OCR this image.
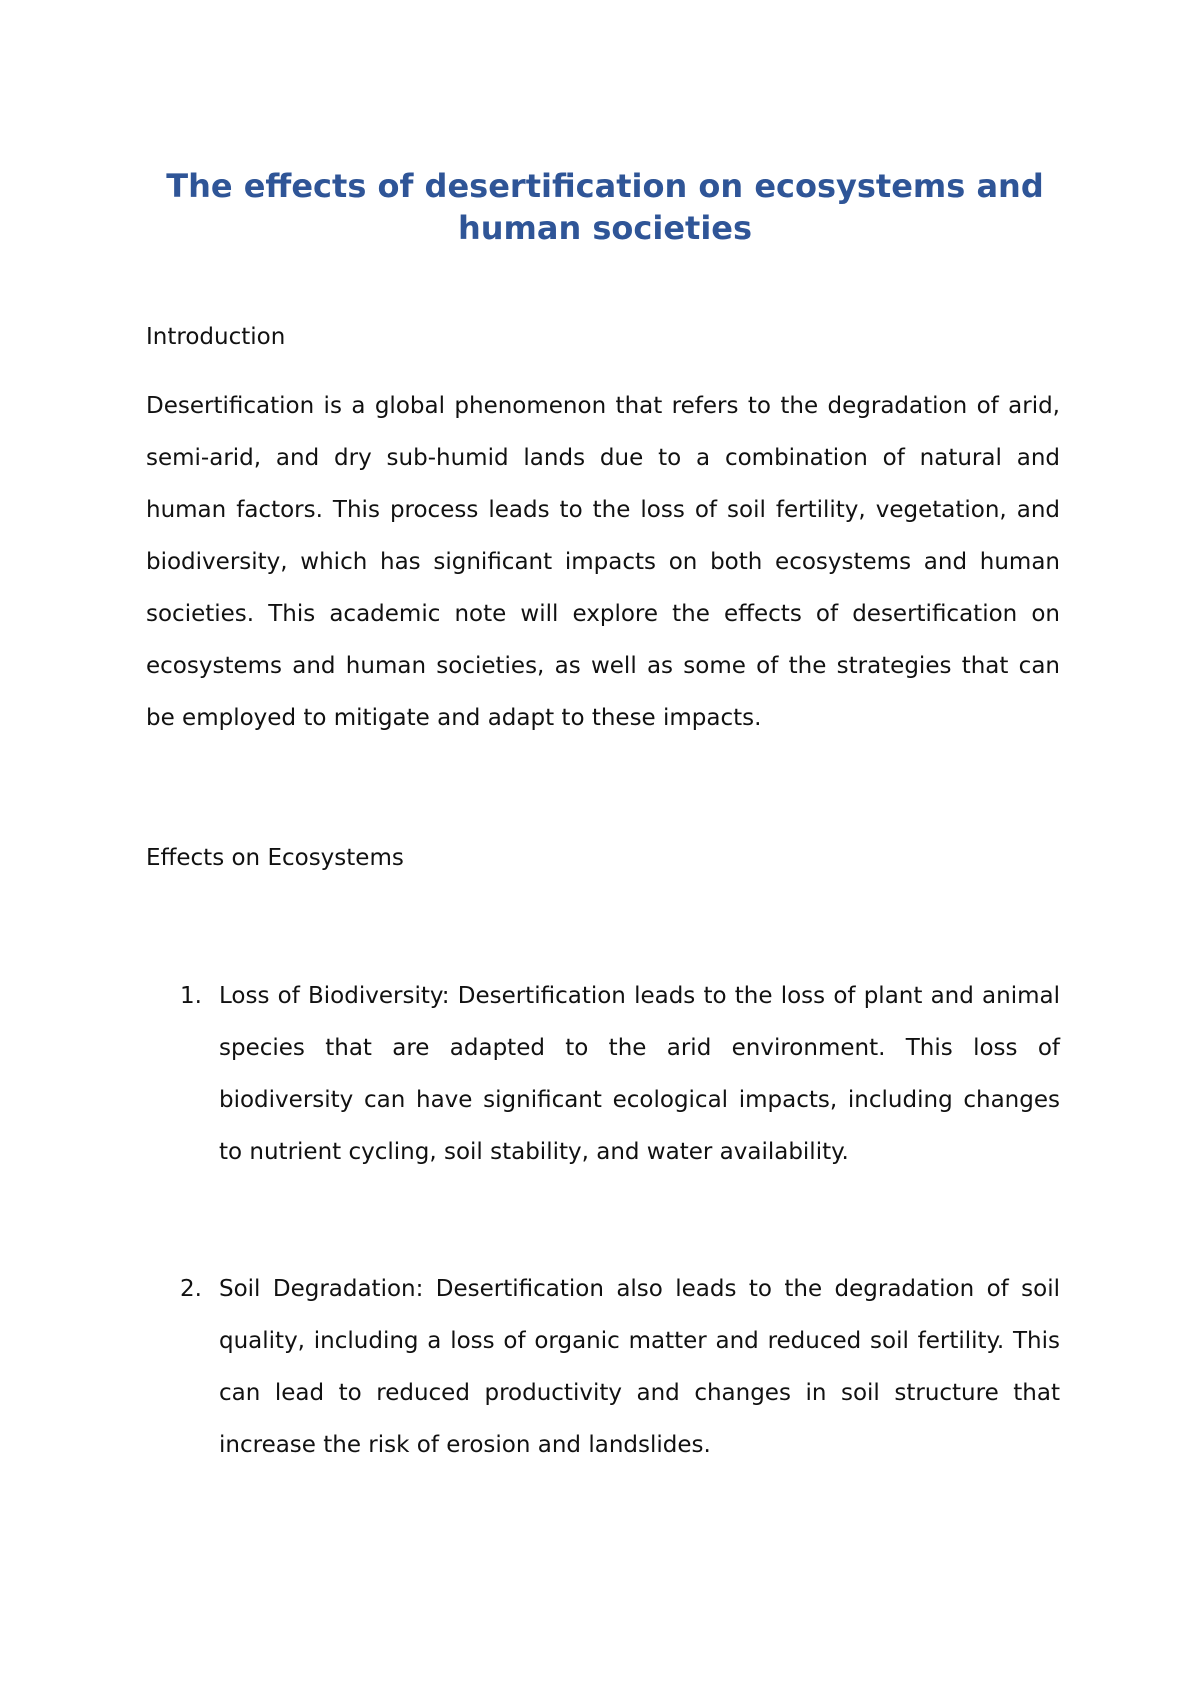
The effects of desertification on ecosystems and human societies
Introduction

Desertification is a global phenomenon that refers to the degradation of arid, semi-arid, and dry sub-humid lands due to a combination of natural and human factors. This process leads to the loss of soil fertility, vegetation, and biodiversity, which has significant impacts on both ecosystems and human societies. This academic note will explore the effects of desertification on ecosystems and human societies, as well as some of the strategies that can be employed to mitigate and adapt to these impacts.

Effects on Ecosystems
1. Loss of Biodiversity: Desertification leads to the loss of plant and animal species that are adapted to the arid environment. This loss of biodiversity can have significant ecological impacts, including changes to nutrient cycling, soil stability, and water availability.
2. Soil Degradation: Desertification also leads to the degradation of soil quality, including a loss of organic matter and reduced soil fertility. This can lead to reduced productivity and changes in soil structure that increase the risk of erosion and landslides.
